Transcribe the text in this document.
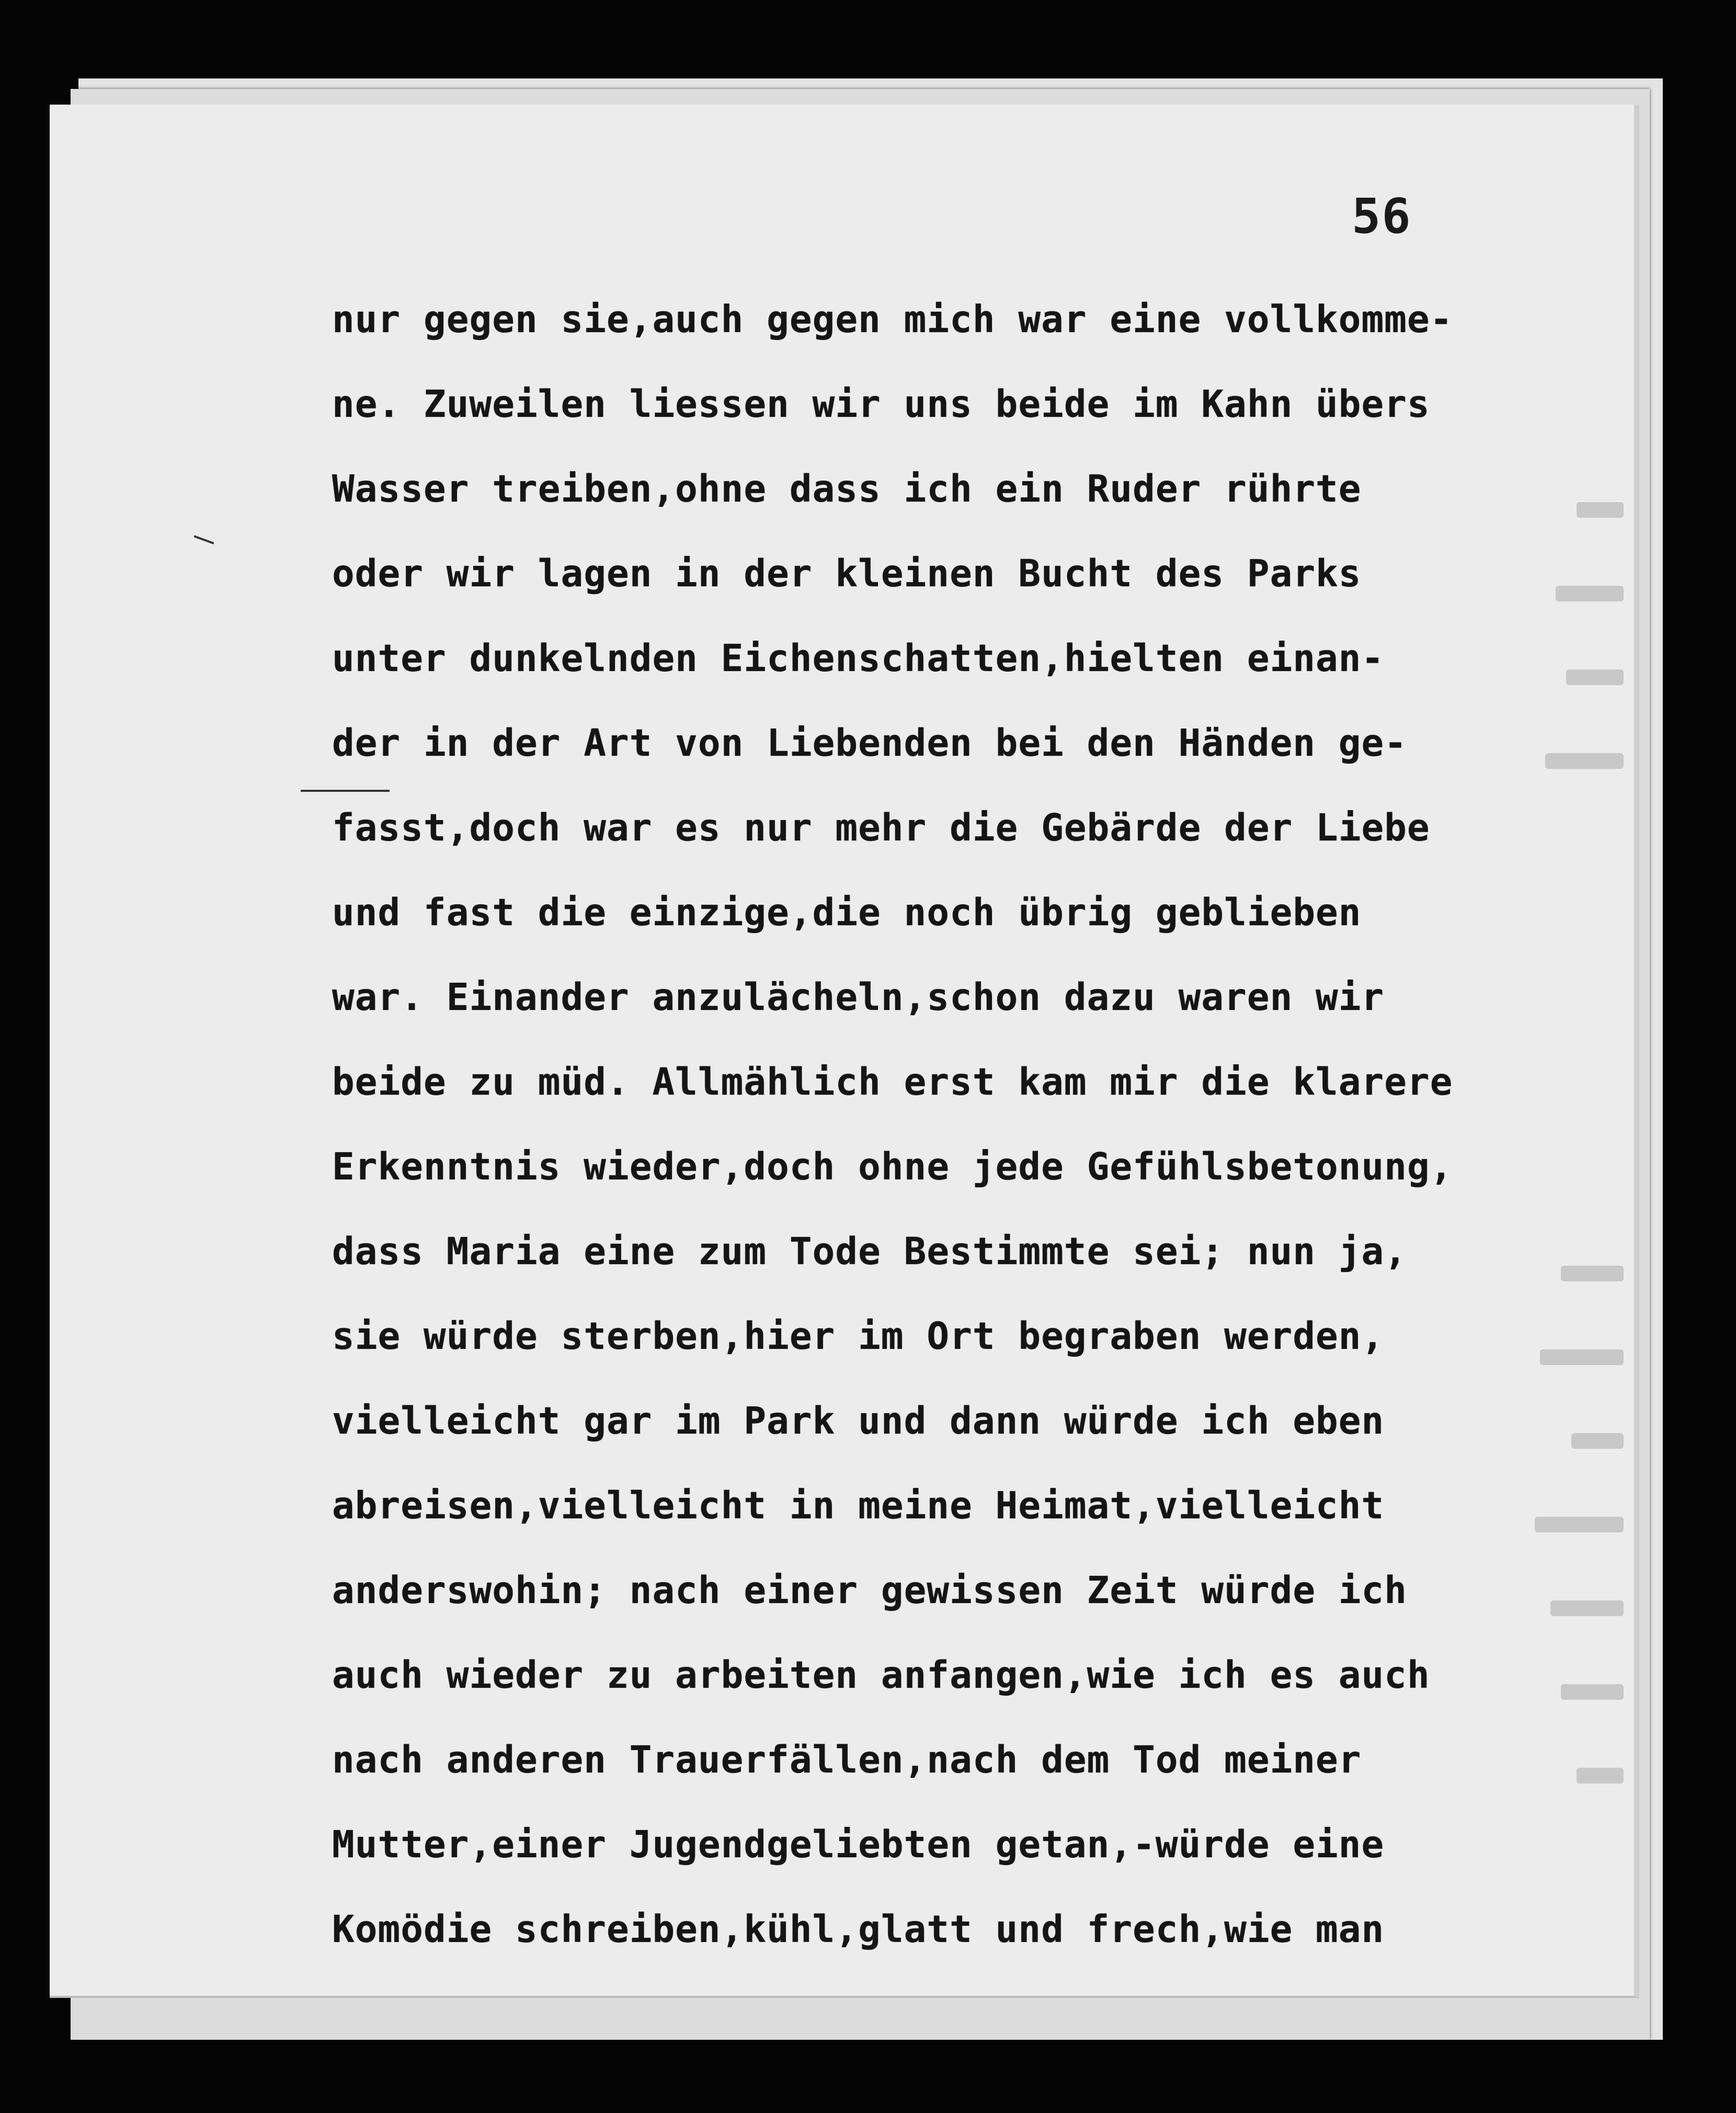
56

nur gegen sie,auch gegen mich war eine vollkomme-
ne. Zuweilen liessen wir uns beide im Kahn übers
Wasser treiben,ohne dass ich ein Ruder rührte
oder wir lagen in der kleinen Bucht des Parks
unter dunkelnden Eichenschatten,hielten einan-
der in der Art von Liebenden bei den Händen ge-
fasst,doch war es nur mehr die Gebärde der Liebe
und fast die einzige,die noch übrig geblieben
war. Einander anzulächeln,schon dazu waren wir
beide zu müd. Allmählich erst kam mir die klarere
Erkenntnis wieder,doch ohne jede Gefühlsbetonung,
dass Maria eine zum Tode Bestimmte sei; nun ja,
sie würde sterben,hier im Ort begraben werden,
vielleicht gar im Park und dann würde ich eben
abreisen,vielleicht in meine Heimat,vielleicht
anderswohin; nach einer gewissen Zeit würde ich
auch wieder zu arbeiten anfangen,wie ich es auch
nach anderen Trauerfällen,nach dem Tod meiner
Mutter,einer Jugendgeliebten getan,-würde eine
Komödie schreiben,kühl,glatt und frech,wie man
